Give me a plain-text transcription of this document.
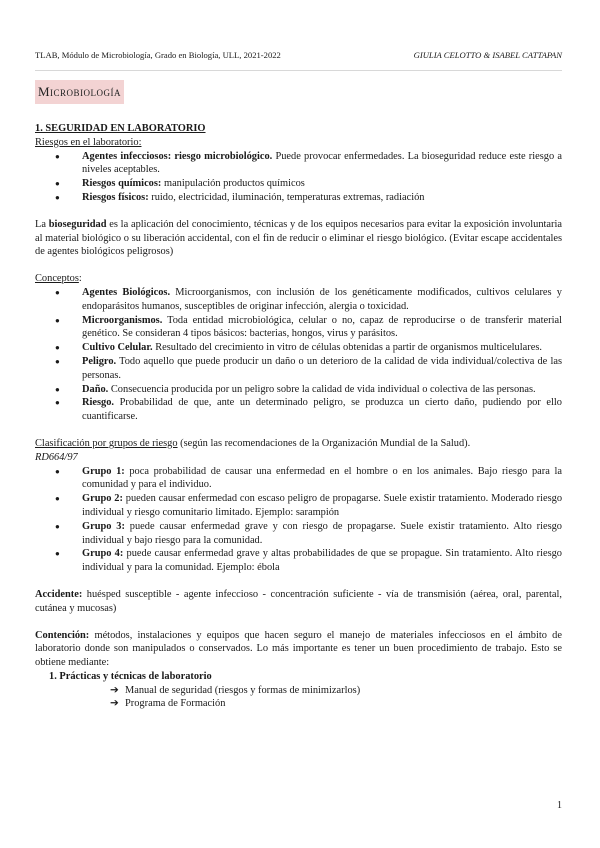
TLAB, Módulo de Microbiología, Grado en Biología, ULL, 2021-2022	GIULIA CELOTTO & ISABEL CATTAPAN
Microbiología

1. SEGURIDAD EN LABORATORIO

Riesgos en el laboratorio:

● Agentes infecciosos: riesgo microbiológico. Puede provocar enfermedades. La bioseguridad reduce este riesgo a niveles aceptables.
● Riesgos químicos: manipulación productos químicos
● Riesgos físicos: ruido, electricidad, iluminación, temperaturas extremas, radiación

La bioseguridad es la aplicación del conocimiento, técnicas y de los equipos necesarios para evitar la exposición involuntaria al material biológico o su liberación accidental, con el fin de reducir o eliminar el riesgo biológico. (Evitar escape accidentales de agentes biológicos peligrosos)

Conceptos:

● Agentes Biológicos. Microorganismos, con inclusión de los genéticamente modificados, cultivos celulares y endoparásitos humanos, susceptibles de originar infección, alergia o toxicidad.
● Microorganismos. Toda entidad microbiológica, celular o no, capaz de reproducirse o de transferir material genético. Se consideran 4 tipos básicos: bacterias, hongos, virus y parásitos.
● Cultivo Celular. Resultado del crecimiento in vitro de células obtenidas a partir de organismos multicelulares.
● Peligro. Todo aquello que puede producir un daño o un deterioro de la calidad de vida individual/colectiva de las personas.
● Daño. Consecuencia producida por un peligro sobre la calidad de vida individual o colectiva de las personas.
● Riesgo. Probabilidad de que, ante un determinado peligro, se produzca un cierto daño, pudiendo por ello cuantificarse.

Clasificación por grupos de riesgo (según las recomendaciones de la Organización Mundial de la Salud).

RD664/97

● Grupo 1: poca probabilidad de causar una enfermedad en el hombre o en los animales. Bajo riesgo para la comunidad y para el individuo.
● Grupo 2: pueden causar enfermedad con escaso peligro de propagarse. Suele existir tratamiento. Moderado riesgo individual y riesgo comunitario limitado. Ejemplo: sarampión
● Grupo 3: puede causar enfermedad grave y con riesgo de propagarse. Suele existir tratamiento. Alto riesgo individual y bajo riesgo para la comunidad.
● Grupo 4: puede causar enfermedad grave y altas probabilidades de que se propague. Sin tratamiento. Alto riesgo individual y para la comunidad. Ejemplo: ébola

Accidente: huésped susceptible - agente infeccioso - concentración suficiente - vía de transmisión (aérea, oral, parental, cutánea y mucosas)

Contención: métodos, instalaciones y equipos que hacen seguro el manejo de materiales infecciosos en el ámbito de laboratorio donde son manipulados o conservados. Lo más importante es tener un buen procedimiento de trabajo. Esto se obtiene mediante:

1. Prácticas y técnicas de laboratorio

➔ Manual de seguridad (riesgos y formas de minimizarlos)

➔ Programa de Formación

1
